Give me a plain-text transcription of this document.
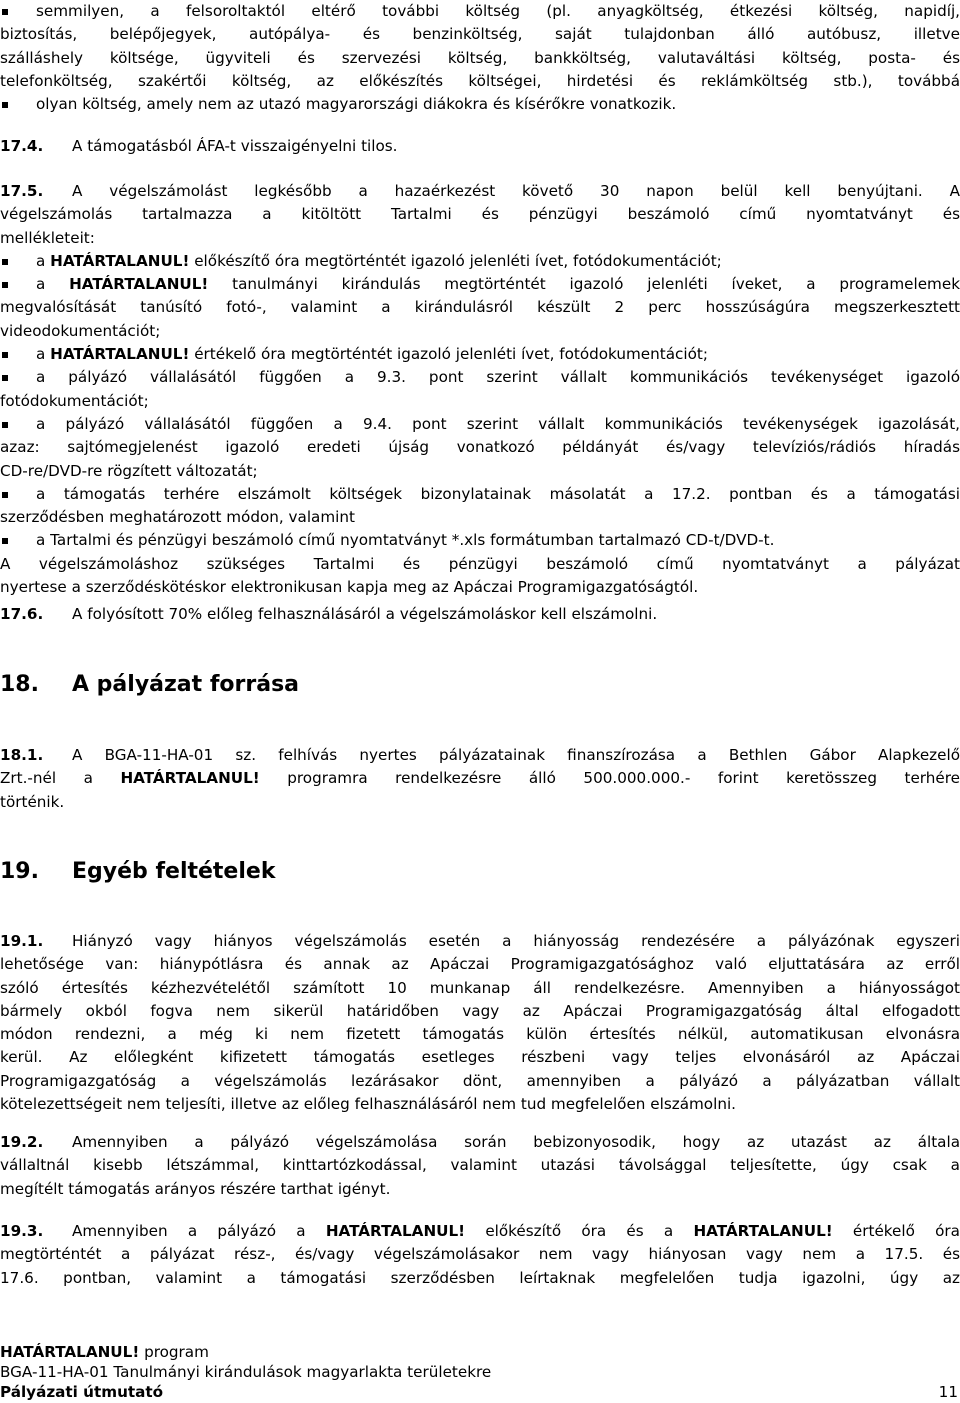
semmilyen, a felsoroltaktól eltérő további költség (pl. anyagköltség, étkezési költség, napidíj,
biztosítás, belépőjegyek, autópálya- és benzinköltség, saját tulajdonban álló autóbusz, illetve
szálláshely költsége, ügyviteli és szervezési költség, bankköltség, valutaváltási költség, posta- és
telefonköltség, szakértői költség, az előkészítés költségei, hirdetési és reklámköltség stb.), továbbá
olyan költség, amely nem az utazó magyarországi diákokra és kísérőkre vonatkozik.
17.4. A támogatásból ÁFA-t visszaigényelni tilos.
17.5. A végelszámolást legkésőbb a hazaérkezést követő 30 napon belül kell benyújtani. A
végelszámolás tartalmazza a kitöltött Tartalmi és pénzügyi beszámoló című nyomtatványt és
mellékleteit:
a HATÁRTALANUL! előkészítő óra megtörténtét igazoló jelenléti ívet, fotódokumentációt;
a HATÁRTALANUL! tanulmányi kirándulás megtörténtét igazoló jelenléti íveket, a programelemek
megvalósítását tanúsító fotó-, valamint a kirándulásról készült 2 perc hosszúságúra megszerkesztett
videodokumentációt;
a HATÁRTALANUL! értékelő óra megtörténtét igazoló jelenléti ívet, fotódokumentációt;
a pályázó vállalásától függően a 9.3. pont szerint vállalt kommunikációs tevékenységet igazoló
fotódokumentációt;
a pályázó vállalásától függően a 9.4. pont szerint vállalt kommunikációs tevékenységek igazolását,
azaz: sajtómegjelenést igazoló eredeti újság vonatkozó példányát és/vagy televíziós/rádiós híradás
CD-re/DVD-re rögzített változatát;
a támogatás terhére elszámolt költségek bizonylatainak másolatát a 17.2. pontban és a támogatási
szerződésben meghatározott módon, valamint
a Tartalmi és pénzügyi beszámoló című nyomtatványt *.xls formátumban tartalmazó CD-t/DVD-t.
A végelszámoláshoz szükséges Tartalmi és pénzügyi beszámoló című nyomtatványt a pályázat
nyertese a szerződéskötéskor elektronikusan kapja meg az Apáczai Programigazgatóságtól.
17.6. A folyósított 70% előleg felhasználásáról a végelszámoláskor kell elszámolni.
18. A pályázat forrása
18.1. A BGA-11-HA-01 sz. felhívás nyertes pályázatainak finanszírozása a Bethlen Gábor Alapkezelő
Zrt.-nél a HATÁRTALANUL! programra rendelkezésre álló 500.000.000.- forint keretösszeg terhére
történik.
19. Egyéb feltételek
19.1. Hiányzó vagy hiányos végelszámolás esetén a hiányosság rendezésére a pályázónak egyszeri
lehetősége van: hiánypótlásra és annak az Apáczai Programigazgatósághoz való eljuttatására az erről
szóló értesítés kézhezvételétől számított 10 munkanap áll rendelkezésre. Amennyiben a hiányosságot
bármely okból fogva nem sikerül határidőben vagy az Apáczai Programigazgatóság által elfogadott
módon rendezni, a még ki nem fizetett támogatás külön értesítés nélkül, automatikusan elvonásra
kerül. Az előlegként kifizetett támogatás esetleges részbeni vagy teljes elvonásáról az Apáczai
Programigazgatóság a végelszámolás lezárásakor dönt, amennyiben a pályázó a pályázatban vállalt
kötelezettségeit nem teljesíti, illetve az előleg felhasználásáról nem tud megfelelően elszámolni.
19.2. Amennyiben a pályázó végelszámolása során bebizonyosodik, hogy az utazást az általa
vállaltnál kisebb létszámmal, kinttartózkodással, valamint utazási távolsággal teljesítette, úgy csak a
megítélt támogatás arányos részére tarthat igényt.
19.3. Amennyiben a pályázó a HATÁRTALANUL! előkészítő óra és a HATÁRTALANUL! értékelő óra
megtörténtét a pályázat rész-, és/vagy végelszámolásakor nem vagy hiányosan vagy nem a 17.5. és
17.6. pontban, valamint a támogatási szerződésben leírtaknak megfelelően tudja igazolni, úgy az
HATÁRTALANUL! program
BGA-11-HA-01 Tanulmányi kirándulások magyarlakta területekre
Pályázati útmutató	11
